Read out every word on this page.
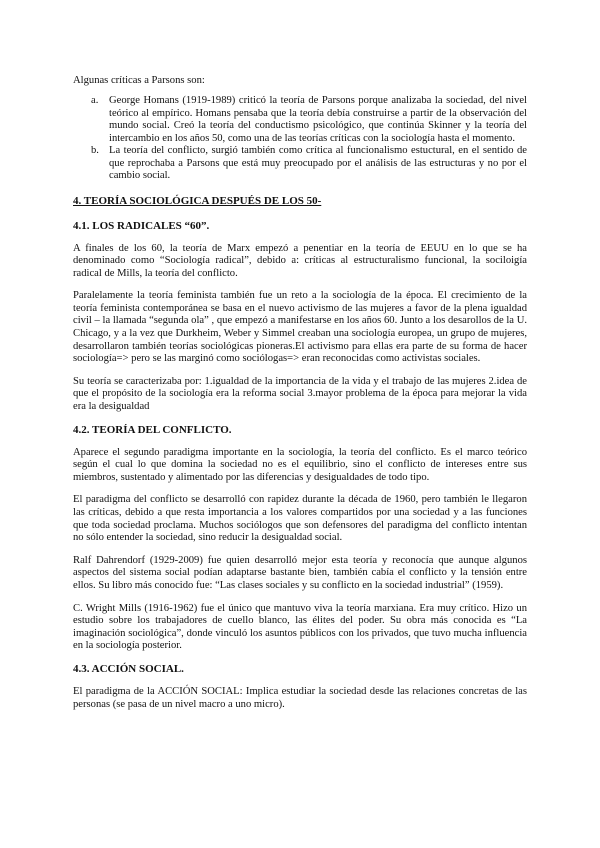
Algunas críticas a Parsons son:
a. George Homans (1919-1989) criticó la teoría de Parsons porque analizaba la sociedad, del nivel teórico al empírico. Homans pensaba que la teoría debía construirse a partir de la observación del mundo social. Creó la teoría del conductismo psicológico, que continúa Skinner y la teoría del intercambio en los años 50, como una de las teorías críticas con la sociología hasta el momento.
b. La teoría del conflicto, surgió también como crítica al funcionalismo estuctural, en el sentido de que reprochaba a Parsons que está muy preocupado por el análisis de las estructuras y no por el cambio social.
4. TEORÍA SOCIOLÓGICA DESPUÉS DE LOS 50-
4.1. LOS RADICALES “60”.

A finales de los 60, la teoría de Marx empezó a penentiar en la teoría de EEUU en lo que se ha denominado como “Sociología radical”, debido a: críticas al estructuralismo funcional, la sociloigía radical de Mills, la teoría del conflicto.

Paralelamente la teoría feminista también fue un reto a la sociología de la época. El crecimiento de la teoría feminista contemporánea se basa en el nuevo activismo de las mujeres a favor de la plena igualdad civil – la llamada “segunda ola” , que empezó a manifestarse en los años 60. Junto a los desarollos de la U. Chicago, y a la vez que Durkheim, Weber y Simmel creaban una sociología europea, un grupo de mujeres, desarrollaron también teorías sociológicas pioneras.El activismo para ellas era parte de su forma de hacer sociología=> pero se las marginó como sociólogas=> eran reconocidas como activistas sociales.

Su teoría se caracterizaba por: 1.igualdad de la importancia de la vida y el trabajo de las mujeres 2.idea de que el propósito de la sociología era la reforma social 3.mayor problema de la época para mejorar la vida era la desigualdad

4.2. TEORÍA DEL CONFLICTO.

Aparece el segundo paradigma importante en la sociología, la teoría del conflicto. Es el marco teórico según el cual lo que domina la sociedad no es el equilibrio, sino el conflicto de intereses entre sus miembros, sustentado y alimentado por las diferencias y desigualdades de todo tipo.

El paradigma del conflicto se desarrolló con rapidez durante la década de 1960, pero también le llegaron las críticas, debido a que resta importancia a los valores compartidos por una sociedad y a las funciones que toda sociedad proclama. Muchos sociólogos que son defensores del paradigma del conflicto intentan no sólo entender la sociedad, sino reducir la desigualdad social.

Ralf Dahrendorf (1929-2009) fue quien desarrolló mejor esta teoría y reconocía que aunque algunos aspectos del sistema social podían adaptarse bastante bien, también cabía el conflicto y la tensión entre ellos. Su libro más conocido fue: “Las clases sociales y su conflicto en la sociedad industrial” (1959).

C. Wright Mills (1916-1962) fue el único que mantuvo viva la teoría marxiana. Era muy crítico. Hizo un estudio sobre los trabajadores de cuello blanco, las élites del poder. Su obra más conocida es “La imaginación sociológica”, donde vinculó los asuntos públicos con los privados, que tuvo mucha influencia en la sociología posterior.

4.3. ACCIÓN SOCIAL.

El paradigma de la ACCIÓN SOCIAL: Implica estudiar la sociedad desde las relaciones concretas de las personas (se pasa de un nivel macro a uno micro).
